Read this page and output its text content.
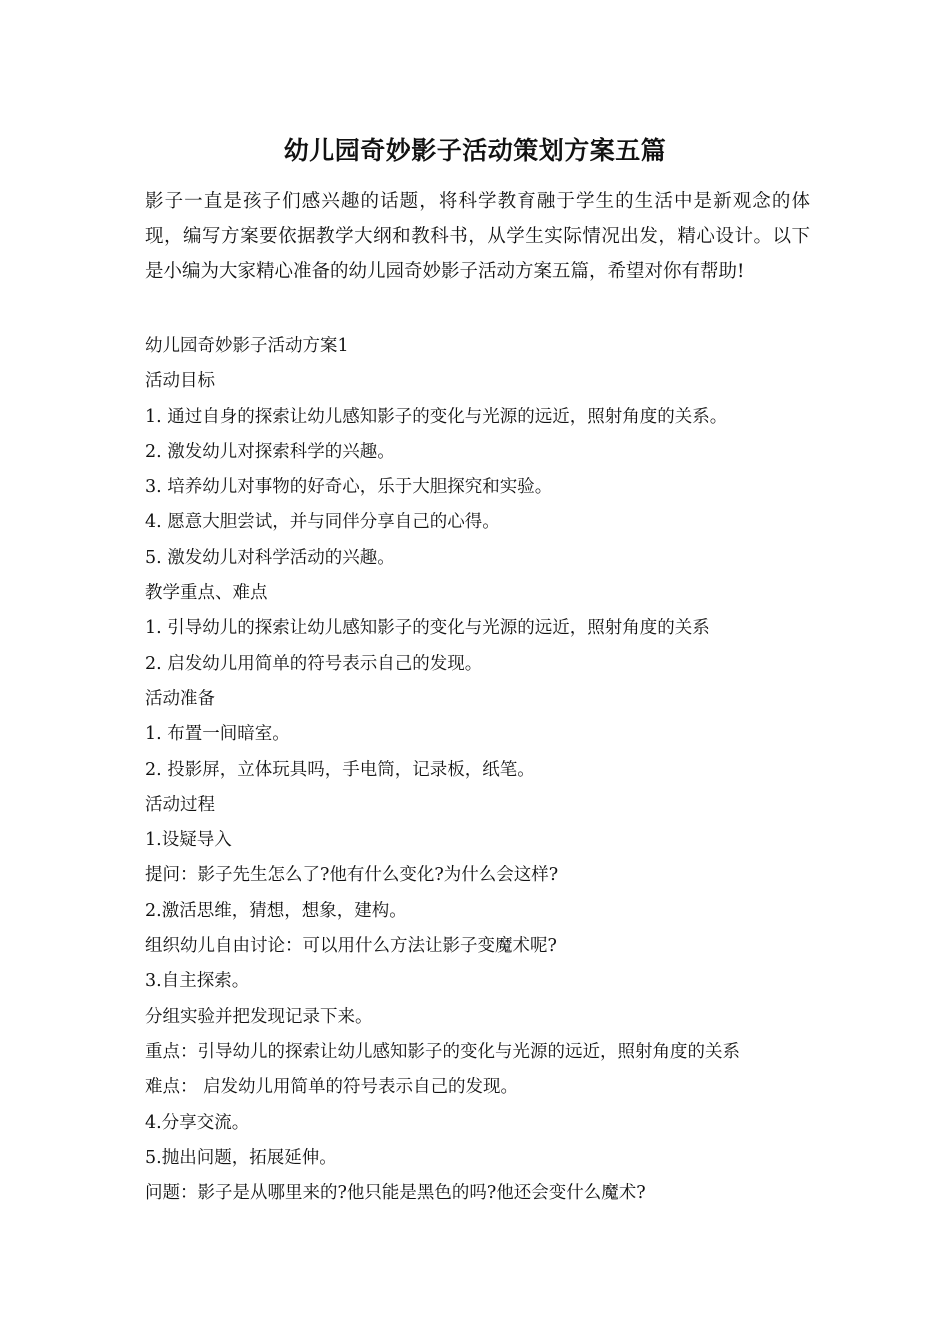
幼儿园奇妙影子活动策划方案五篇
影子一直是孩子们感兴趣的话题，将科学教育融于学生的生活中是新观念的体现，编写方案要依据教学大纲和教科书，从学生实际情况出发，精心设计。以下是小编为大家精心准备的幼儿园奇妙影子活动方案五篇，希望对你有帮助!
幼儿园奇妙影子活动方案1
活动目标
1. 通过自身的探索让幼儿感知影子的变化与光源的远近，照射角度的关系。
2. 激发幼儿对探索科学的兴趣。
3. 培养幼儿对事物的好奇心，乐于大胆探究和实验。
4. 愿意大胆尝试，并与同伴分享自己的心得。
5. 激发幼儿对科学活动的兴趣。
教学重点、难点
1. 引导幼儿的探索让幼儿感知影子的变化与光源的远近，照射角度的关系
2. 启发幼儿用简单的符号表示自己的发现。
活动准备
1. 布置一间暗室。
2. 投影屏，立体玩具吗，手电筒，记录板，纸笔。
活动过程
1.设疑导入
提问：影子先生怎么了?他有什么变化?为什么会这样?
2.激活思维，猜想，想象，建构。
组织幼儿自由讨论：可以用什么方法让影子变魔术呢?
3.自主探索。
分组实验并把发现记录下来。
重点：引导幼儿的探索让幼儿感知影子的变化与光源的远近，照射角度的关系
难点： 启发幼儿用简单的符号表示自己的发现。
4.分享交流。
5.抛出问题，拓展延伸。
问题：影子是从哪里来的?他只能是黑色的吗?他还会变什么魔术?
